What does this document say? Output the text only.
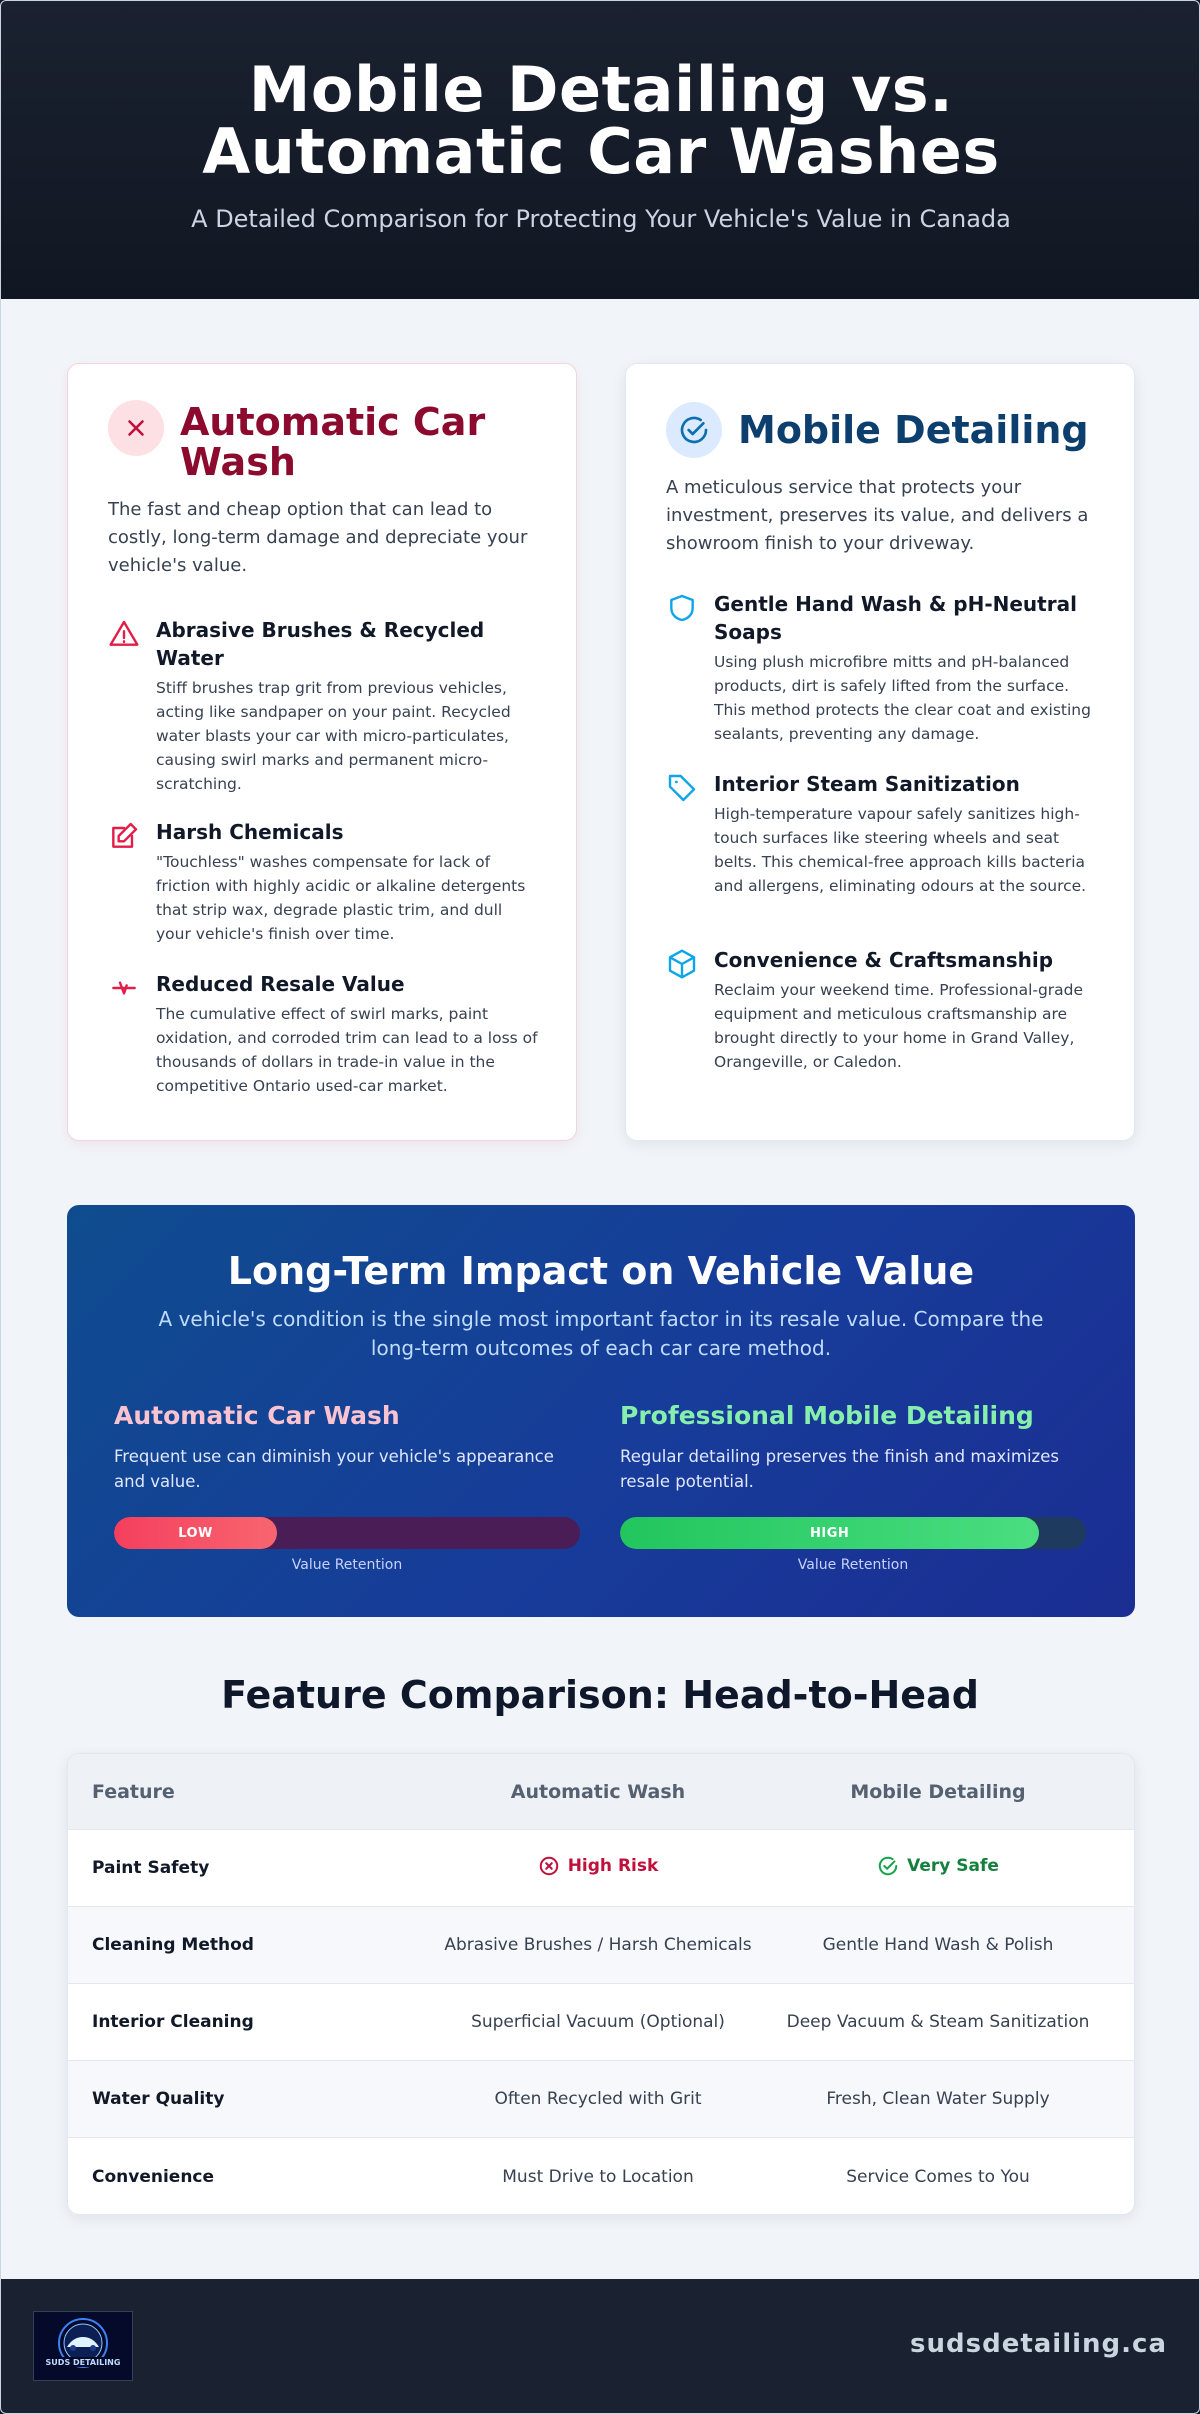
Mobile Detailing vs. Automatic Car Washes
A Detailed Comparison for Protecting Your Vehicle's Value in Canada
Automatic Car Wash

The fast and cheap option that can lead to costly, long-term damage and depreciate your vehicle's value.

Abrasive Brushes & Recycled Water
Stiff brushes trap grit from previous vehicles, acting like sandpaper on your paint. Recycled water blasts your car with micro-particulates, causing swirl marks and permanent micro-scratching.
Harsh Chemicals
"Touchless" washes compensate for lack of friction with highly acidic or alkaline detergents that strip wax, degrade plastic trim, and dull your vehicle's finish over time.
Reduced Resale Value
The cumulative effect of swirl marks, paint oxidation, and corroded trim can lead to a loss of thousands of dollars in trade-in value in the competitive Ontario used-car market.
Mobile Detailing

A meticulous service that protects your investment, preserves its value, and delivers a showroom finish to your driveway.

Gentle Hand Wash & pH-Neutral Soaps
Using plush microfibre mitts and pH-balanced products, dirt is safely lifted from the surface. This method protects the clear coat and existing sealants, preventing any damage.
Interior Steam Sanitization
High-temperature vapour safely sanitizes high-touch surfaces like steering wheels and seat belts. This chemical-free approach kills bacteria and allergens, eliminating odours at the source.
Convenience & Craftsmanship
Reclaim your weekend time. Professional-grade equipment and meticulous craftsmanship are brought directly to your home in Grand Valley, Orangeville, or Caledon.
Long-Term Impact on Vehicle Value

A vehicle's condition is the single most important factor in its resale value. Compare the long-term outcomes of each car care method.

Automatic Car Wash
Frequent use can diminish your vehicle's appearance and value.
Professional Mobile Detailing
Regular detailing preserves the finish and maximizes resale potential.
LOW	HIGH
Value Retention	Value Retention
Feature Comparison: Head-to-Head
Feature	Automatic Wash	Mobile Detailing
Paint Safety	High Risk	Very Safe
Cleaning Method	Abrasive Brushes / Harsh Chemicals	Gentle Hand Wash & Polish
Interior Cleaning	Superficial Vacuum (Optional)	Deep Vacuum & Steam Sanitization
Water Quality	Often Recycled with Grit	Fresh, Clean Water Supply
Convenience	Must Drive to Location	Service Comes to You
SUDS DETAILING
sudsdetailing.ca
